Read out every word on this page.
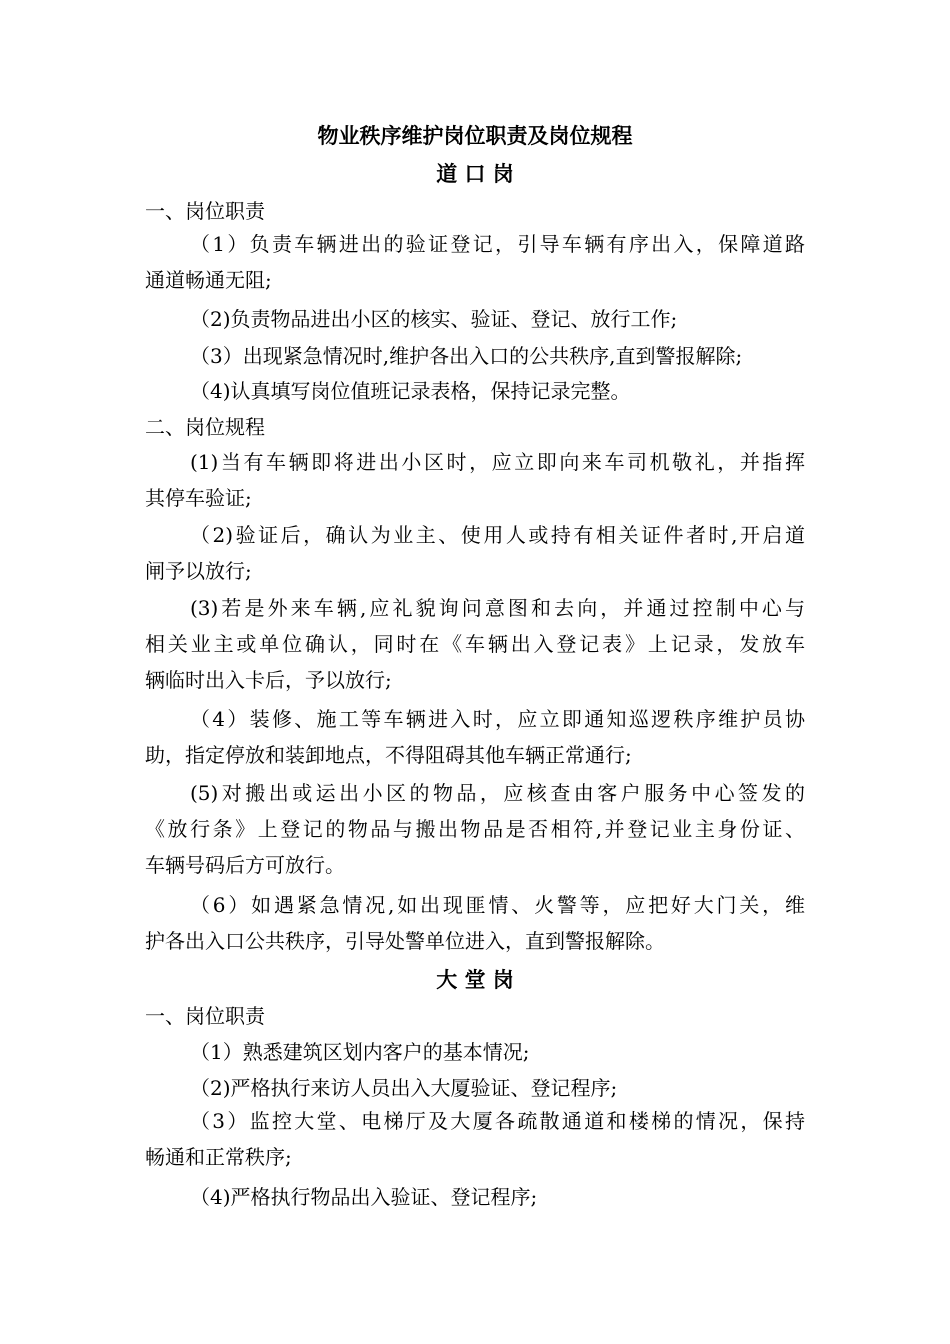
物业秩序维护岗位职责及岗位规程
道 口 岗
一、岗位职责
（1）负责车辆进出的验证登记，引导车辆有序出入，保障道路
通道畅通无阻;
（2)负责物品进出小区的核实、验证、登记、放行工作;
（3）出现紧急情况时,维护各出入口的公共秩序,直到警报解除;
（4)认真填写岗位值班记录表格，保持记录完整。
二、岗位规程
(1)当有车辆即将进出小区时，应立即向来车司机敬礼，并指挥
其停车验证;
（2)验证后，确认为业主、使用人或持有相关证件者时,开启道
闸予以放行;
(3)若是外来车辆,应礼貌询问意图和去向，并通过控制中心与
相关业主或单位确认，同时在《车辆出入登记表》上记录，发放车
辆临时出入卡后，予以放行;
（4）装修、施工等车辆进入时，应立即通知巡逻秩序维护员协
助，指定停放和装卸地点，不得阻碍其他车辆正常通行;
(5)对搬出或运出小区的物品，应核查由客户服务中心签发的
《放行条》上登记的物品与搬出物品是否相符,并登记业主身份证、
车辆号码后方可放行。
（6）如遇紧急情况,如出现匪情、火警等，应把好大门关，维
护各出入口公共秩序，引导处警单位进入，直到警报解除。
大 堂 岗
一、岗位职责
（1）熟悉建筑区划内客户的基本情况;
（2)严格执行来访人员出入大厦验证、登记程序;
（3）监控大堂、电梯厅及大厦各疏散通道和楼梯的情况，保持
畅通和正常秩序;
（4)严格执行物品出入验证、登记程序;
